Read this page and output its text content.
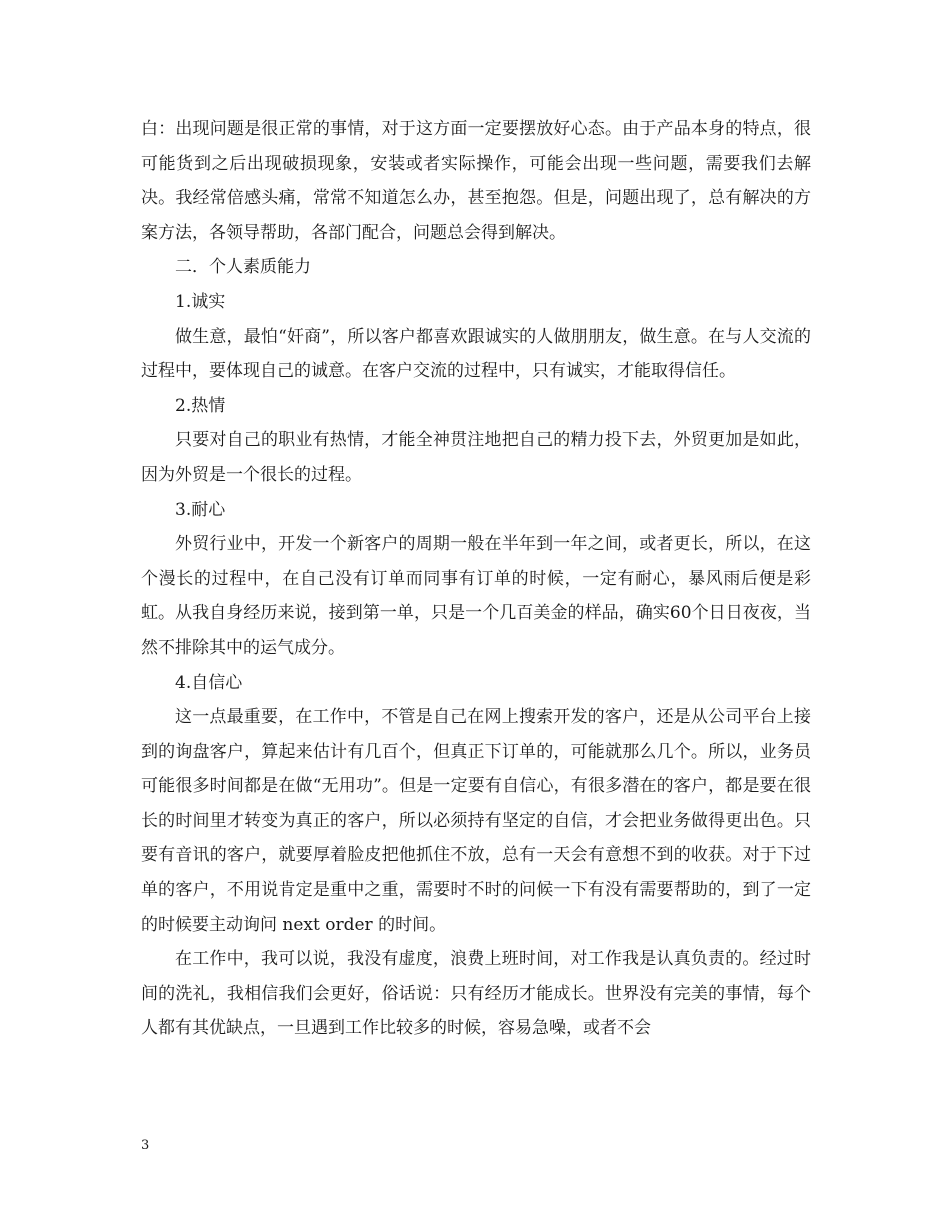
白：出现问题是很正常的事情，对于这方面一定要摆放好心态。由于产品本身的特点，很可能货到之后出现破损现象，安装或者实际操作，可能会出现一些问题，需要我们去解决。我经常倍感头痛，常常不知道怎么办，甚至抱怨。但是，问题出现了，总有解决的方案方法，各领导帮助，各部门配合，问题总会得到解决。

二．个人素质能力

1.诚实

做生意，最怕“奸商”，所以客户都喜欢跟诚实的人做朋朋友，做生意。在与人交流的过程中，要体现自己的诚意。在客户交流的过程中，只有诚实，才能取得信任。

2.热情

只要对自己的职业有热情，才能全神贯注地把自己的精力投下去，外贸更加是如此，因为外贸是一个很长的过程。

3.耐心

外贸行业中，开发一个新客户的周期一般在半年到一年之间，或者更长，所以，在这个漫长的过程中，在自己没有订单而同事有订单的时候，一定有耐心，暴风雨后便是彩虹。从我自身经历来说，接到第一单，只是一个几百美金的样品，确实60个日日夜夜，当然不排除其中的运气成分。

4.自信心

这一点最重要，在工作中，不管是自己在网上搜索开发的客户，还是从公司平台上接到的询盘客户，算起来估计有几百个，但真正下订单的，可能就那么几个。所以，业务员可能很多时间都是在做“无用功”。但是一定要有自信心，有很多潜在的客户，都是要在很长的时间里才转变为真正的客户，所以必须持有坚定的自信，才会把业务做得更出色。只要有音讯的客户，就要厚着脸皮把他抓住不放，总有一天会有意想不到的收获。对于下过单的客户，不用说肯定是重中之重，需要时不时的问候一下有没有需要帮助的，到了一定的时候要主动询问 next order 的时间。

在工作中，我可以说，我没有虚度，浪费上班时间，对工作我是认真负责的。经过时间的洗礼，我相信我们会更好，俗话说：只有经历才能成长。世界没有完美的事情，每个人都有其优缺点，一旦遇到工作比较多的时候，容易急噪，或者不会

3
